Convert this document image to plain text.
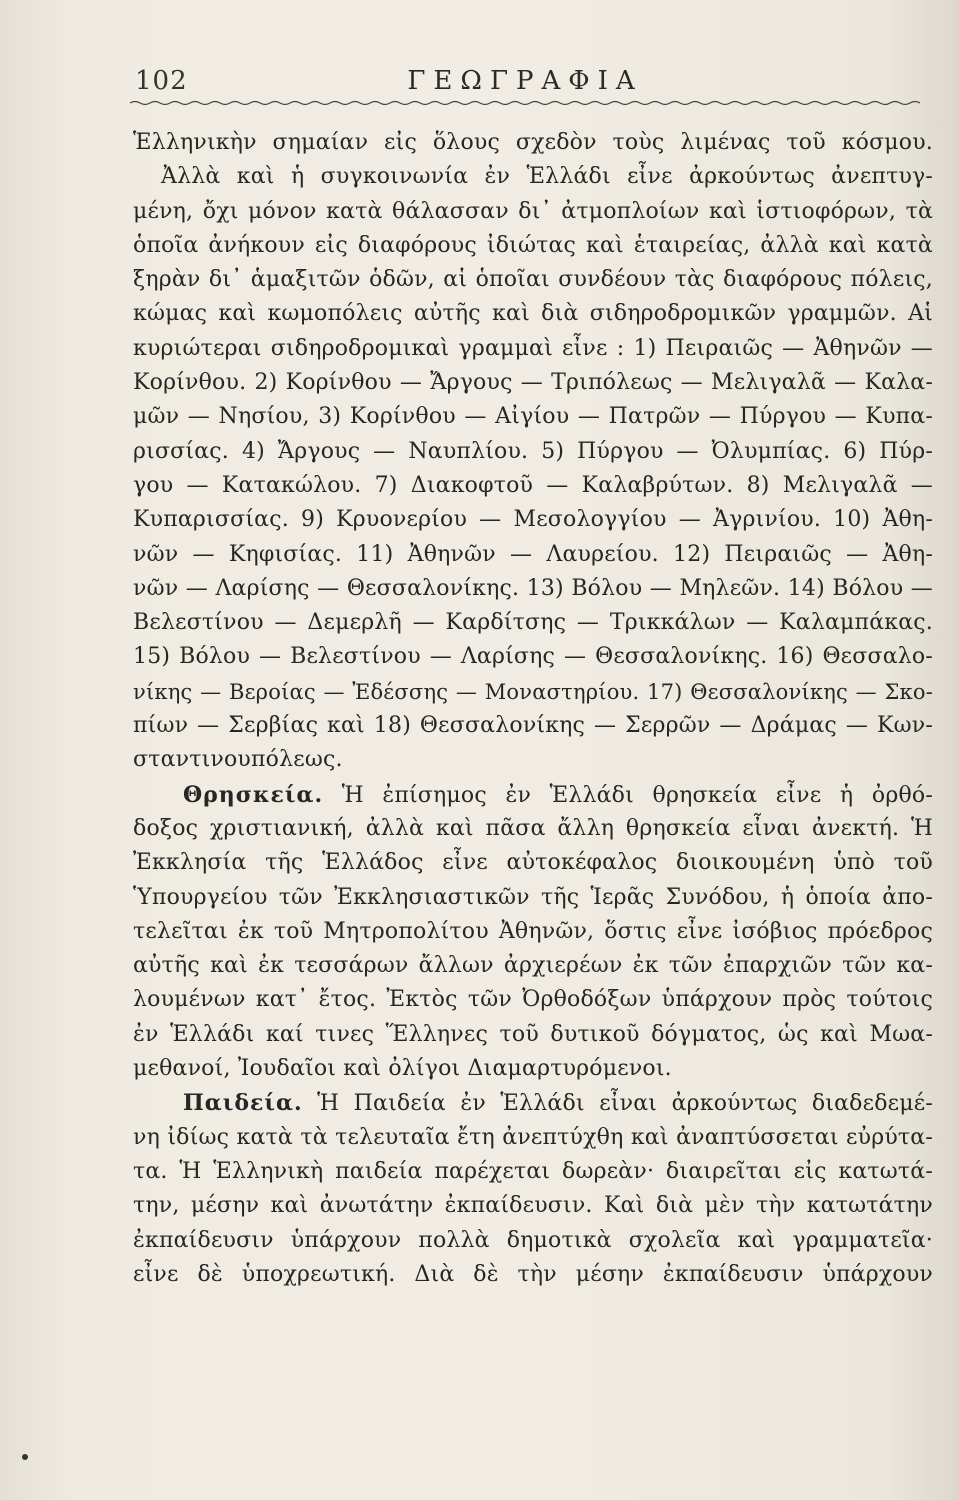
102	ΓΕΩΓΡΑΦΙΑ
Ἑλληνικὴν σημαίαν εἰς ὅλους σχεδὸν τοὺς λιμένας τοῦ κόσμου.
Ἀλλὰ καὶ ἡ συγκοινωνία ἐν Ἑλλάδι εἶνε ἀρκούντως ἀνεπτυγ-
μένη, ὄχι μόνον κατὰ θάλασσαν δι᾽ ἀτμοπλοίων καὶ ἱστιοφόρων, τὰ
ὁποῖα ἀνήκουν εἰς διαφόρους ἰδιώτας καὶ ἑταιρείας, ἀλλὰ καὶ κατὰ
ξηρὰν δι᾽ ἁμαξιτῶν ὁδῶν, αἱ ὁποῖαι συνδέουν τὰς διαφόρους πόλεις,
κώμας καὶ κωμοπόλεις αὐτῆς καὶ διὰ σιδηροδρομικῶν γραμμῶν. Αἱ
κυριώτεραι σιδηροδρομικαὶ γραμμαὶ εἶνε : 1) Πειραιῶς — Ἀθηνῶν —
Κορίνθου. 2) Κορίνθου — Ἄργους — Τριπόλεως — Μελιγαλᾶ — Καλα-
μῶν — Νησίου, 3) Κορίνθου — Αἰγίου — Πατρῶν — Πύργου — Κυπα-
ρισσίας. 4) Ἄργους — Ναυπλίου. 5) Πύργου — Ὀλυμπίας. 6) Πύρ-
γου — Κατακώλου. 7) Διακοφτοῦ — Καλαβρύτων. 8) Μελιγαλᾶ —
Κυπαρισσίας. 9) Κρυονερίου — Μεσολογγίου — Ἀγρινίου. 10) Ἀθη-
νῶν — Κηφισίας. 11) Ἀθηνῶν — Λαυρείου. 12) Πειραιῶς — Ἀθη-
νῶν — Λαρίσης — Θεσσαλονίκης. 13) Βόλου — Μηλεῶν. 14) Βόλου —
Βελεστίνου — Δεμερλῆ — Καρδίτσης — Τρικκάλων — Καλαμπάκας.
15) Βόλου — Βελεστίνου — Λαρίσης — Θεσσαλονίκης. 16) Θεσσαλο-
νίκης — Βεροίας — Ἐδέσσης — Μοναστηρίου. 17) Θεσσαλονίκης — Σκο-
πίων — Σερβίας καὶ 18) Θεσσαλονίκης — Σερρῶν — Δράμας — Κων-
σταντινουπόλεως.
Θρησκεία. Ἡ ἐπίσημος ἐν Ἑλλάδι θρησκεία εἶνε ἡ ὀρθό-
δοξος χριστιανική, ἀλλὰ καὶ πᾶσα ἄλλη θρησκεία εἶναι ἀνεκτή. Ἡ
Ἐκκλησία τῆς Ἑλλάδος εἶνε αὐτοκέφαλος διοικουμένη ὑπὸ τοῦ
Ὑπουργείου τῶν Ἐκκλησιαστικῶν τῆς Ἱερᾶς Συνόδου, ἡ ὁποία ἀπο-
τελεῖται ἐκ τοῦ Μητροπολίτου Ἀθηνῶν, ὅστις εἶνε ἰσόβιος πρόεδρος
αὐτῆς καὶ ἐκ τεσσάρων ἄλλων ἀρχιερέων ἐκ τῶν ἐπαρχιῶν τῶν κα-
λουμένων κατ᾽ ἔτος. Ἐκτὸς τῶν Ὀρθοδόξων ὑπάρχουν πρὸς τούτοις
ἐν Ἑλλάδι καί τινες Ἕλληνες τοῦ δυτικοῦ δόγματος, ὡς καὶ Μωα-
μεθανοί, Ἰουδαῖοι καὶ ὀλίγοι Διαμαρτυρόμενοι.
Παιδεία. Ἡ Παιδεία ἐν Ἑλλάδι εἶναι ἀρκούντως διαδεδεμέ-
νη ἰδίως κατὰ τὰ τελευταῖα ἔτη ἀνεπτύχθη καὶ ἀναπτύσσεται εὐρύτα-
τα. Ἡ Ἑλληνικὴ παιδεία παρέχεται δωρεὰν· διαιρεῖται εἰς κατωτά-
την, μέσην καὶ ἀνωτάτην ἐκπαίδευσιν. Καὶ διὰ μὲν τὴν κατωτάτην
ἐκπαίδευσιν ὑπάρχουν πολλὰ δημοτικὰ σχολεῖα καὶ γραμματεῖα·
εἶνε δὲ ὑποχρεωτική. Διὰ δὲ τὴν μέσην ἐκπαίδευσιν ὑπάρχουν
